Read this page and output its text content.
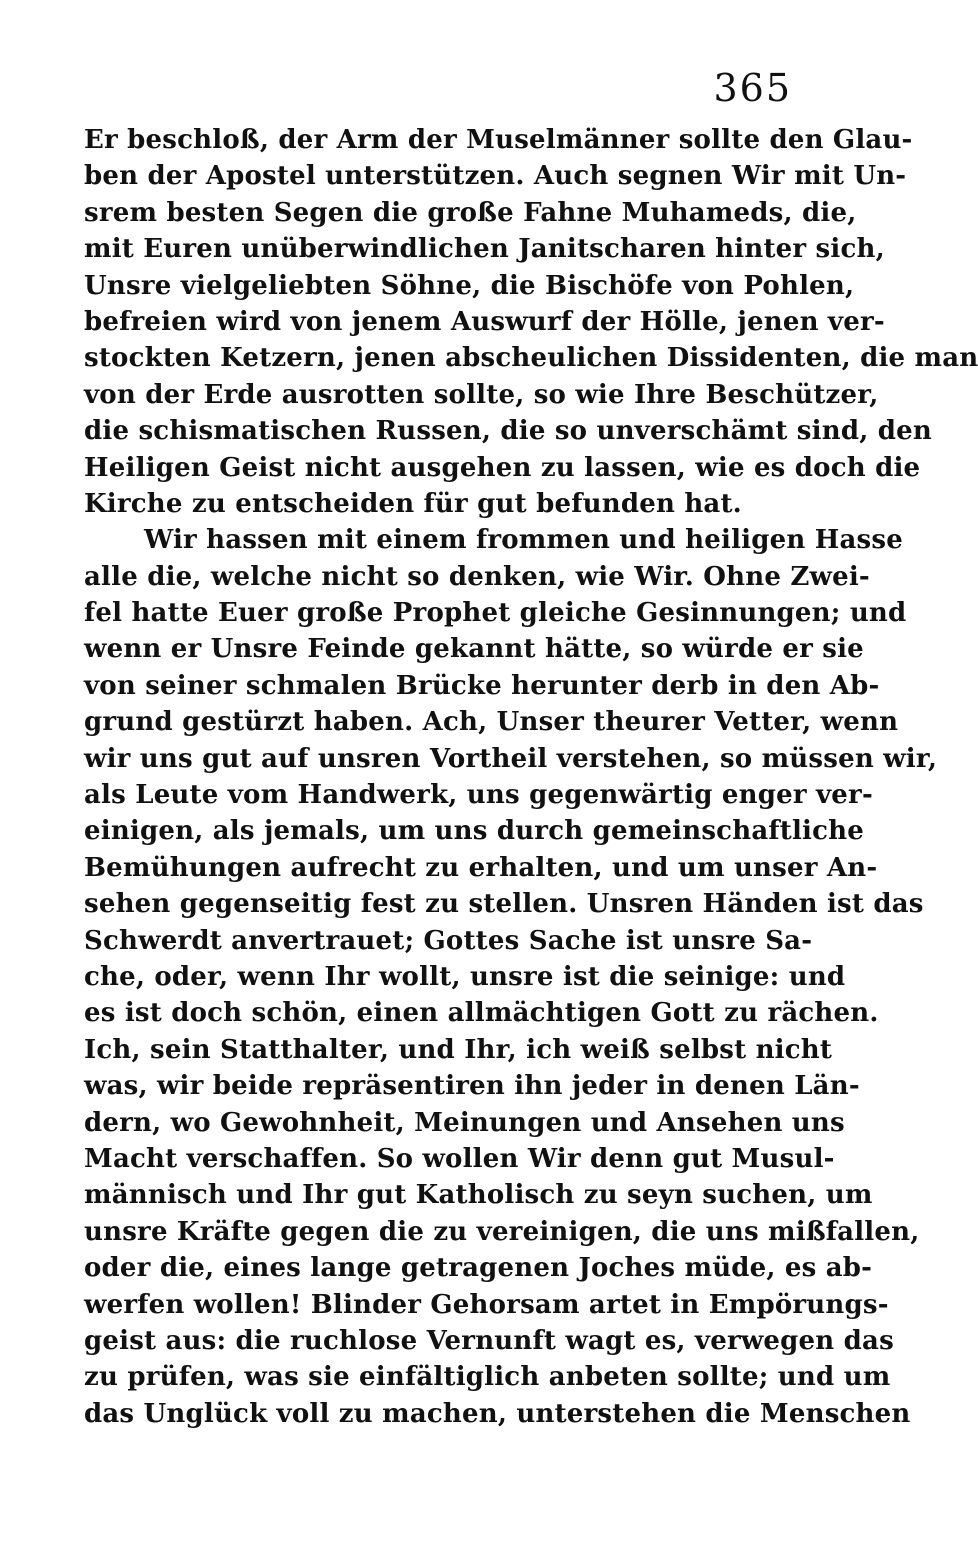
365
Er beschloß, der Arm der Muselmänner sollte den Glau-
ben der Apostel unterstützen. Auch segnen Wir mit Un-
srem besten Segen die große Fahne Muhameds, die,
mit Euren unüberwindlichen Janitscharen hinter sich,
Unsre vielgeliebten Söhne, die Bischöfe von Pohlen,
befreien wird von jenem Auswurf der Hölle, jenen ver-
stockten Ketzern, jenen abscheulichen Dissidenten, die man
von der Erde ausrotten sollte, so wie Ihre Beschützer,
die schismatischen Russen, die so unverschämt sind, den
Heiligen Geist nicht ausgehen zu lassen, wie es doch die
Kirche zu entscheiden für gut befunden hat.
Wir hassen mit einem frommen und heiligen Hasse
alle die, welche nicht so denken, wie Wir. Ohne Zwei-
fel hatte Euer große Prophet gleiche Gesinnungen; und
wenn er Unsre Feinde gekannt hätte, so würde er sie
von seiner schmalen Brücke herunter derb in den Ab-
grund gestürzt haben. Ach, Unser theurer Vetter, wenn
wir uns gut auf unsren Vortheil verstehen, so müssen wir,
als Leute vom Handwerk, uns gegenwärtig enger ver-
einigen, als jemals, um uns durch gemeinschaftliche
Bemühungen aufrecht zu erhalten, und um unser An-
sehen gegenseitig fest zu stellen. Unsren Händen ist das
Schwerdt anvertrauet; Gottes Sache ist unsre Sa-
che, oder, wenn Ihr wollt, unsre ist die seinige: und
es ist doch schön, einen allmächtigen Gott zu rächen.
Ich, sein Statthalter, und Ihr, ich weiß selbst nicht
was, wir beide repräsentiren ihn jeder in denen Län-
dern, wo Gewohnheit, Meinungen und Ansehen uns
Macht verschaffen. So wollen Wir denn gut Musul-
männisch und Ihr gut Katholisch zu seyn suchen, um
unsre Kräfte gegen die zu vereinigen, die uns mißfallen,
oder die, eines lange getragenen Joches müde, es ab-
werfen wollen! Blinder Gehorsam artet in Empörungs-
geist aus: die ruchlose Vernunft wagt es, verwegen das
zu prüfen, was sie einfältiglich anbeten sollte; und um
das Unglück voll zu machen, unterstehen die Menschen
